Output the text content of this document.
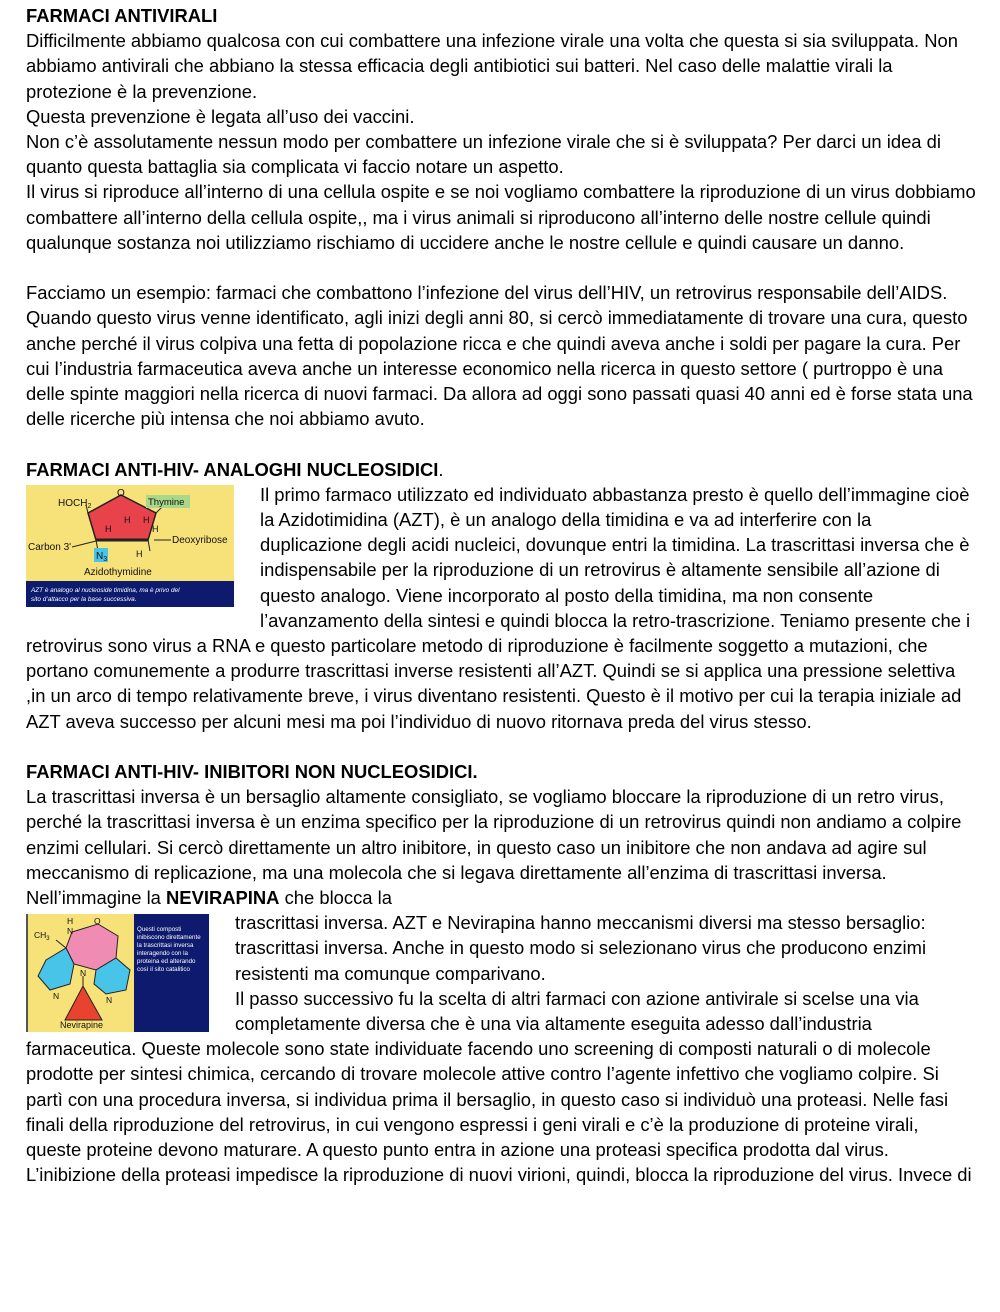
FARMACI ANTIVIRALI

Difficilmente abbiamo qualcosa con cui combattere una infezione virale una volta che questa si sia sviluppata. Non abbiamo antivirali che abbiano la stessa efficacia degli antibiotici sui batteri. Nel caso delle malattie virali la protezione è la prevenzione.

Questa prevenzione è legata all’uso dei vaccini.

Non c’è assolutamente nessun modo per combattere un infezione virale che si è sviluppata? Per darci un idea di quanto questa battaglia sia complicata vi faccio notare un aspetto.

Il virus si riproduce all’interno di una cellula ospite e se noi vogliamo combattere la riproduzione di un virus dobbiamo combattere all’interno della cellula ospite,, ma i virus animali si riproducono all’interno delle nostre cellule quindi qualunque sostanza noi utilizziamo rischiamo di uccidere anche le nostre cellule e quindi causare un danno.

Facciamo un esempio: farmaci che combattono l’infezione del virus dell’HIV, un retrovirus responsabile dell’AIDS. Quando questo virus venne identificato, agli inizi degli anni 80, si cercò immediatamente di trovare una cura, questo anche perché il virus colpiva una fetta di popolazione ricca e che quindi aveva anche i soldi per pagare la cura. Per cui l’industria farmaceutica aveva anche un interesse economico nella ricerca in questo settore ( purtroppo è una delle spinte maggiori nella ricerca di nuovi farmaci. Da allora ad oggi sono passati quasi 40 anni ed è forse stata una delle ricerche più intensa che noi abbiamo avuto.

FARMACI ANTI-HIV- ANALOGHI NUCLEOSIDICI.

$HOCH_2$
O
Thymine
H
H H
H
H
Carbon 3'
$N_3$
Deoxyribose
Azidothymidine
AZT è analogo al nucleoside timidina, ma è privo del
sito d’attacco per la base successiva.

Il primo farmaco utilizzato ed individuato abbastanza presto è quello dell’immagine cioè la Azidotimidina (AZT), è un analogo della timidina e va ad interferire con la duplicazione degli acidi nucleici, dovunque entri la timidina. La trascrittasi inversa che è indispensabile per la riproduzione di un retrovirus è altamente sensibile all’azione di questo analogo. Viene incorporato al posto della timidina, ma non consente l’avanzamento della sintesi e quindi blocca la retro-trascrizione. Teniamo presente che i retrovirus sono virus a RNA e questo particolare metodo di riproduzione è facilmente soggetto a mutazioni, che portano comunemente a produrre trascrittasi inverse resistenti all’AZT. Quindi se si applica una pressione selettiva ,in un arco di tempo relativamente breve, i virus diventano resistenti. Questo è il motivo per cui la terapia iniziale ad AZT aveva successo per alcuni mesi ma poi l’individuo di nuovo ritornava preda del virus stesso.

FARMACI ANTI-HIV- INIBITORI NON NUCLEOSIDICI.

La trascrittasi inversa è un bersaglio altamente consigliato, se vogliamo bloccare la riproduzione di un retro virus, perché la trascrittasi inversa è un enzima specifico per la riproduzione di un retrovirus quindi non andiamo a colpire enzimi cellulari. Si cercò direttamente un altro inibitore, in questo caso un inibitore che non andava ad agire sul meccanismo di replicazione, ma una molecola che si legava direttamente all’enzima di trascrittasi inversa. Nell’immagine la NEVIRAPINA che blocca la

H O
$CH_3$
N
N
N
N
Nevirapine
Questi composti
inibiscono direttamente
la trascrittasi inversa
interagendo con la
proteina ed alterando
così il sito catalitico

trascrittasi inversa. AZT e Nevirapina hanno meccanismi diversi ma stesso bersaglio: trascrittasi inversa. Anche in questo modo si selezionano virus che producono enzimi resistenti ma comunque comparivano.

Il passo successivo fu la scelta di altri farmaci con azione antivirale si scelse una via completamente diversa che è una via altamente eseguita adesso dall’industria farmaceutica. Queste molecole sono state individuate facendo uno screening di composti naturali o di molecole prodotte per sintesi chimica, cercando di trovare molecole attive contro l’agente infettivo che vogliamo colpire. Si partì con una procedura inversa, si individua prima il bersaglio, in questo caso si individuò una proteasi. Nelle fasi finali della riproduzione del retrovirus, in cui vengono espressi i geni virali e c’è la produzione di proteine virali, queste proteine devono maturare. A questo punto entra in azione una proteasi specifica prodotta dal virus. L’inibizione della proteasi impedisce la riproduzione di nuovi virioni, quindi, blocca la riproduzione del virus. Invece di
